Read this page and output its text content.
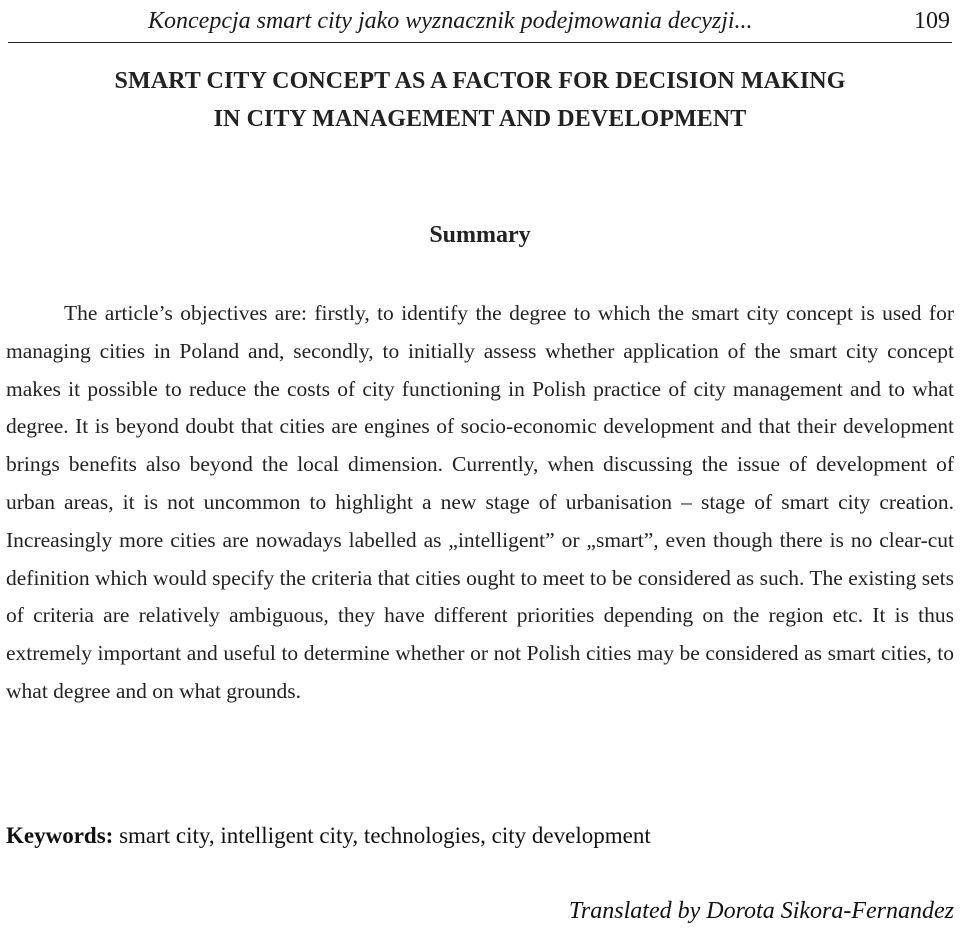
Koncepcja smart city jako wyznacznik podejmowania decyzji...	109
SMART CITY CONCEPT AS A FACTOR FOR DECISION MAKING
IN CITY MANAGEMENT AND DEVELOPMENT
Summary

The article’s objectives are: firstly, to identify the degree to which the smart city concept is used for managing cities in Poland and, secondly, to initially assess whether application of the smart city concept makes it possible to reduce the costs of city functioning in Polish practice of city management and to what degree. It is beyond doubt that cities are engines of socio-economic development and that their development brings benefits also beyond the local dimension. Currently, when discussing the issue of development of urban areas, it is not uncommon to highlight a new stage of urbanisation – stage of smart city creation. Increasingly more cities are nowadays labelled as „intelligent” or „smart”, even though there is no clear-cut definition which would specify the criteria that cities ought to meet to be considered as such. The existing sets of criteria are relatively ambiguous, they have different priorities depending on the region etc. It is thus extremely important and useful to determine whether or not Polish cities may be considered as smart cities, to what degree and on what grounds.

Keywords: smart city, intelligent city, technologies, city development
Translated by Dorota Sikora-Fernandez
